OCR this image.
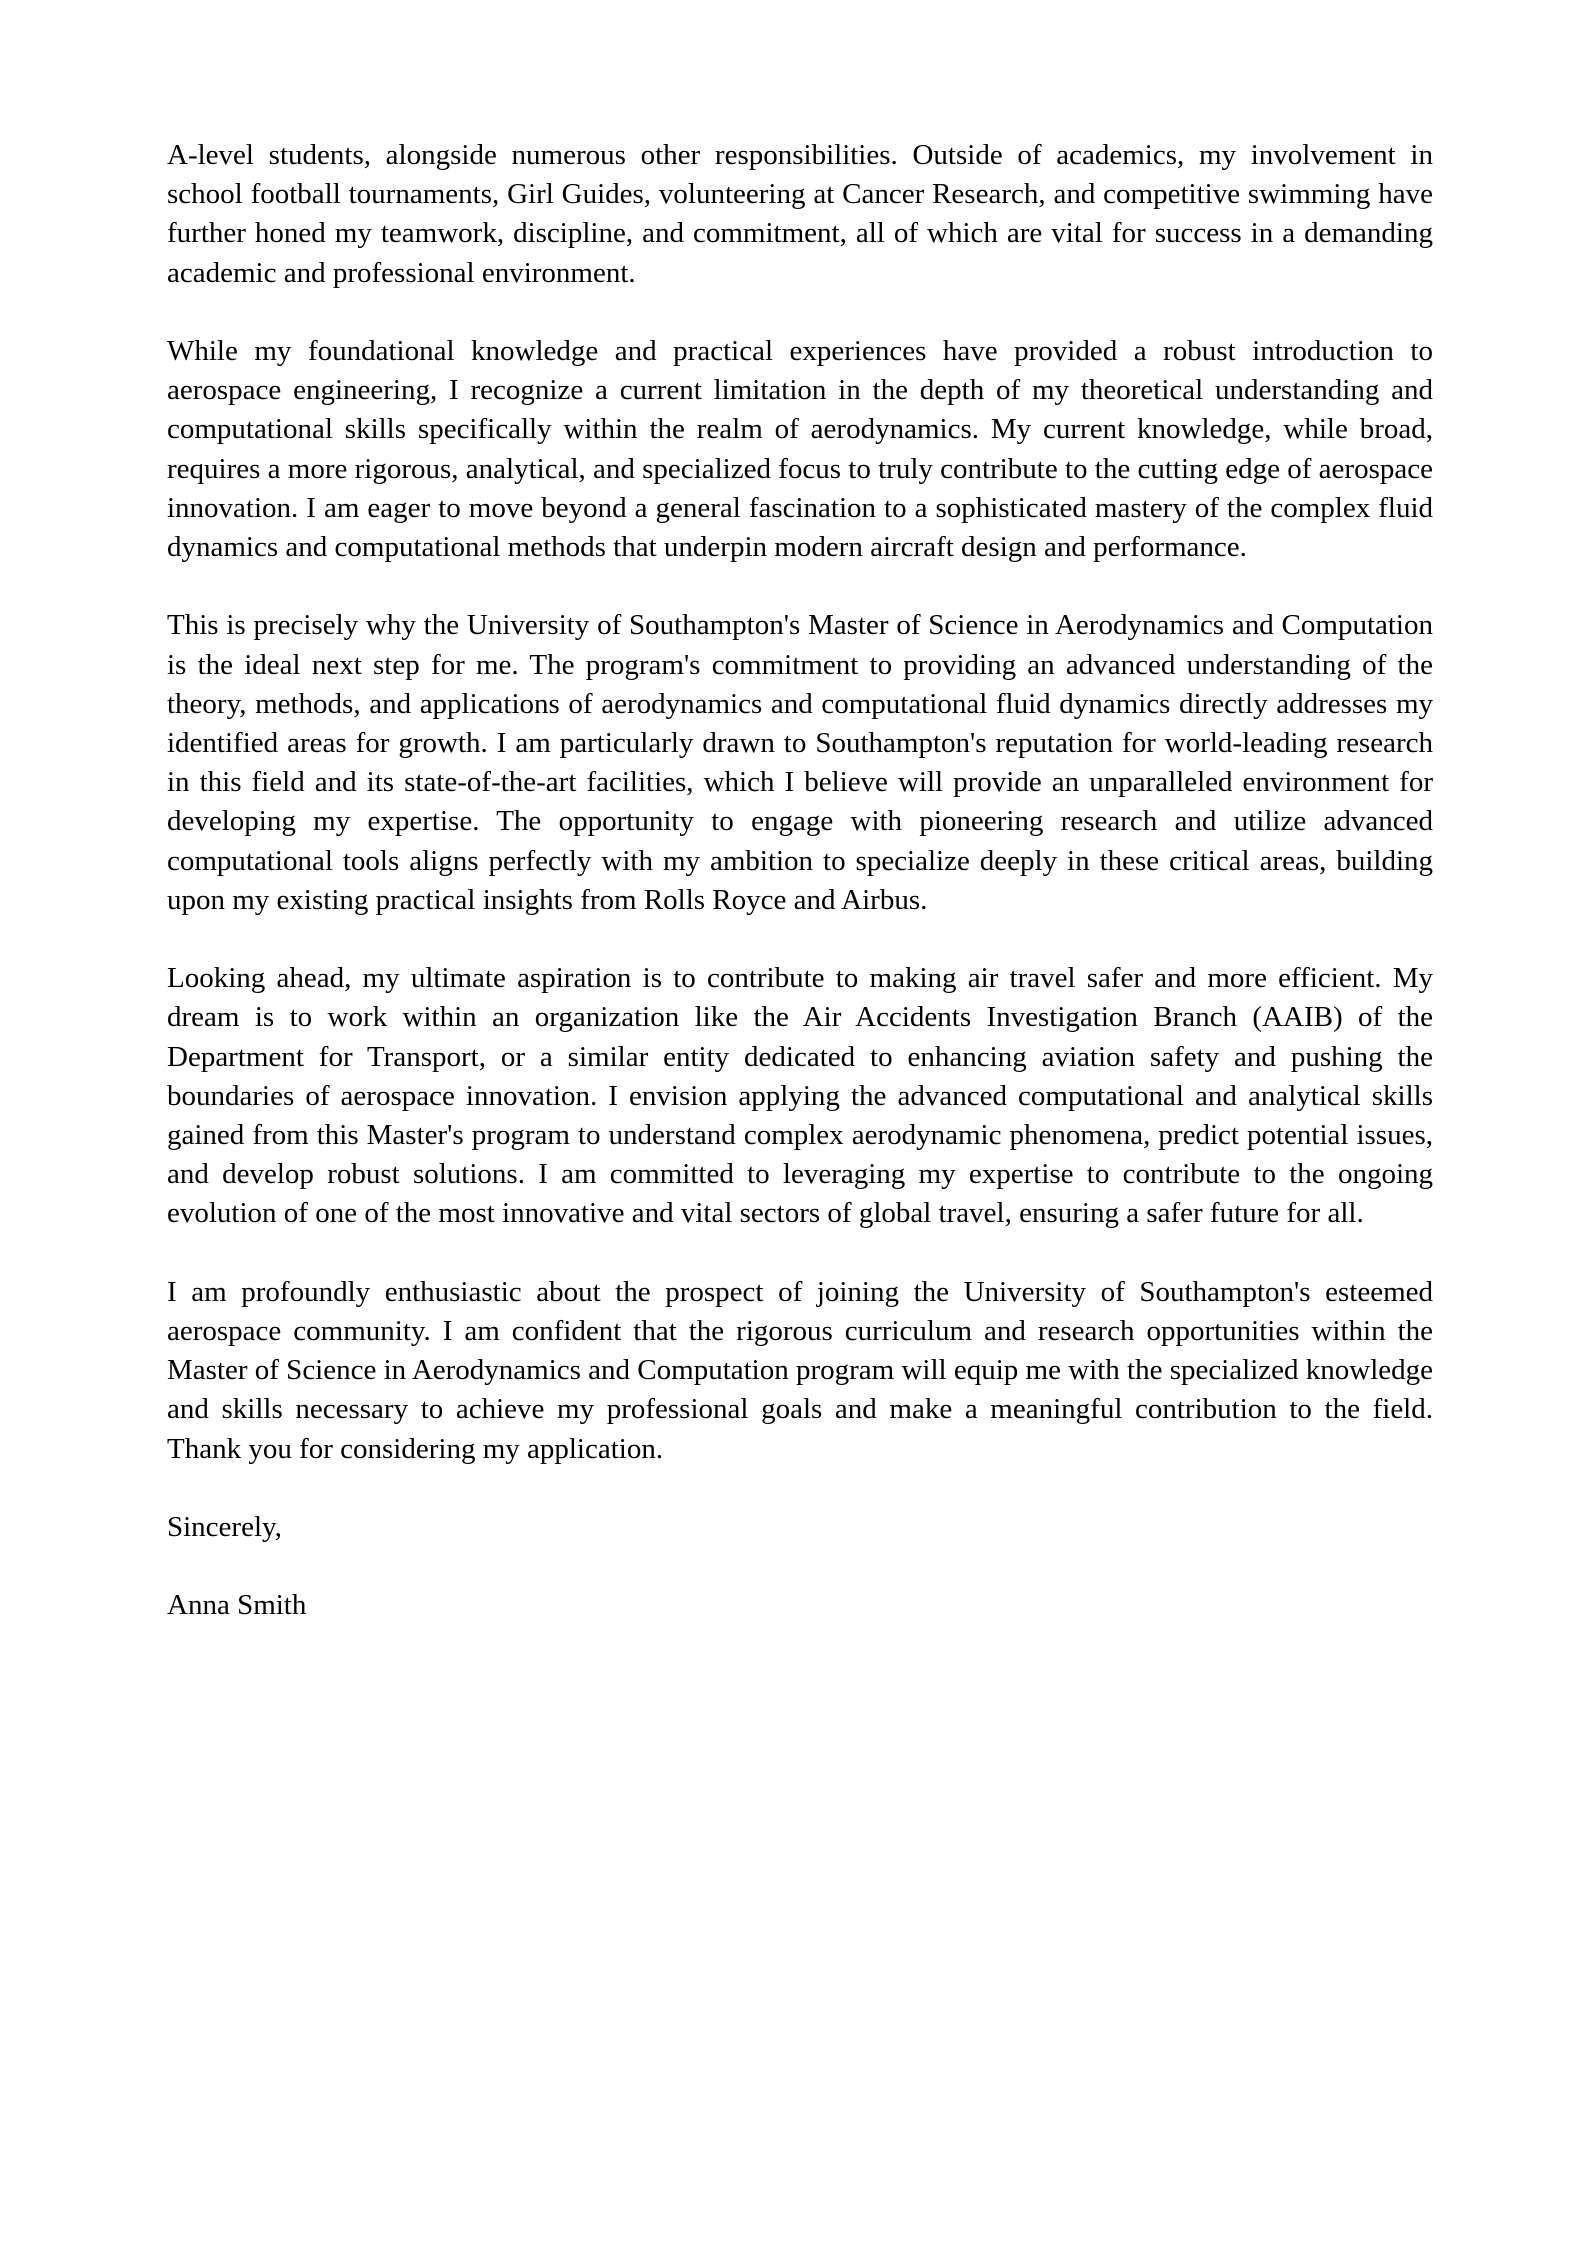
A-level students, alongside numerous other responsibilities. Outside of academics, my involvement in school football tournaments, Girl Guides, volunteering at Cancer Research, and competitive swimming have further honed my teamwork, discipline, and commitment, all of which are vital for success in a demanding academic and professional environment.

While my foundational knowledge and practical experiences have provided a robust introduction to aerospace engineering, I recognize a current limitation in the depth of my theoretical understanding and computational skills specifically within the realm of aerodynamics. My current knowledge, while broad, requires a more rigorous, analytical, and specialized focus to truly contribute to the cutting edge of aerospace innovation. I am eager to move beyond a general fascination to a sophisticated mastery of the complex fluid dynamics and computational methods that underpin modern aircraft design and performance.

This is precisely why the University of Southampton's Master of Science in Aerodynamics and Computation is the ideal next step for me. The program's commitment to providing an advanced understanding of the theory, methods, and applications of aerodynamics and computational fluid dynamics directly addresses my identified areas for growth. I am particularly drawn to Southampton's reputation for world-leading research in this field and its state-of-the-art facilities, which I believe will provide an unparalleled environment for developing my expertise. The opportunity to engage with pioneering research and utilize advanced computational tools aligns perfectly with my ambition to specialize deeply in these critical areas, building upon my existing practical insights from Rolls Royce and Airbus.

Looking ahead, my ultimate aspiration is to contribute to making air travel safer and more efficient. My dream is to work within an organization like the Air Accidents Investigation Branch (AAIB) of the Department for Transport, or a similar entity dedicated to enhancing aviation safety and pushing the boundaries of aerospace innovation. I envision applying the advanced computational and analytical skills gained from this Master's program to understand complex aerodynamic phenomena, predict potential issues, and develop robust solutions. I am committed to leveraging my expertise to contribute to the ongoing evolution of one of the most innovative and vital sectors of global travel, ensuring a safer future for all.

I am profoundly enthusiastic about the prospect of joining the University of Southampton's esteemed aerospace community. I am confident that the rigorous curriculum and research opportunities within the Master of Science in Aerodynamics and Computation program will equip me with the specialized knowledge and skills necessary to achieve my professional goals and make a meaningful contribution to the field. Thank you for considering my application.

Sincerely,

Anna Smith
